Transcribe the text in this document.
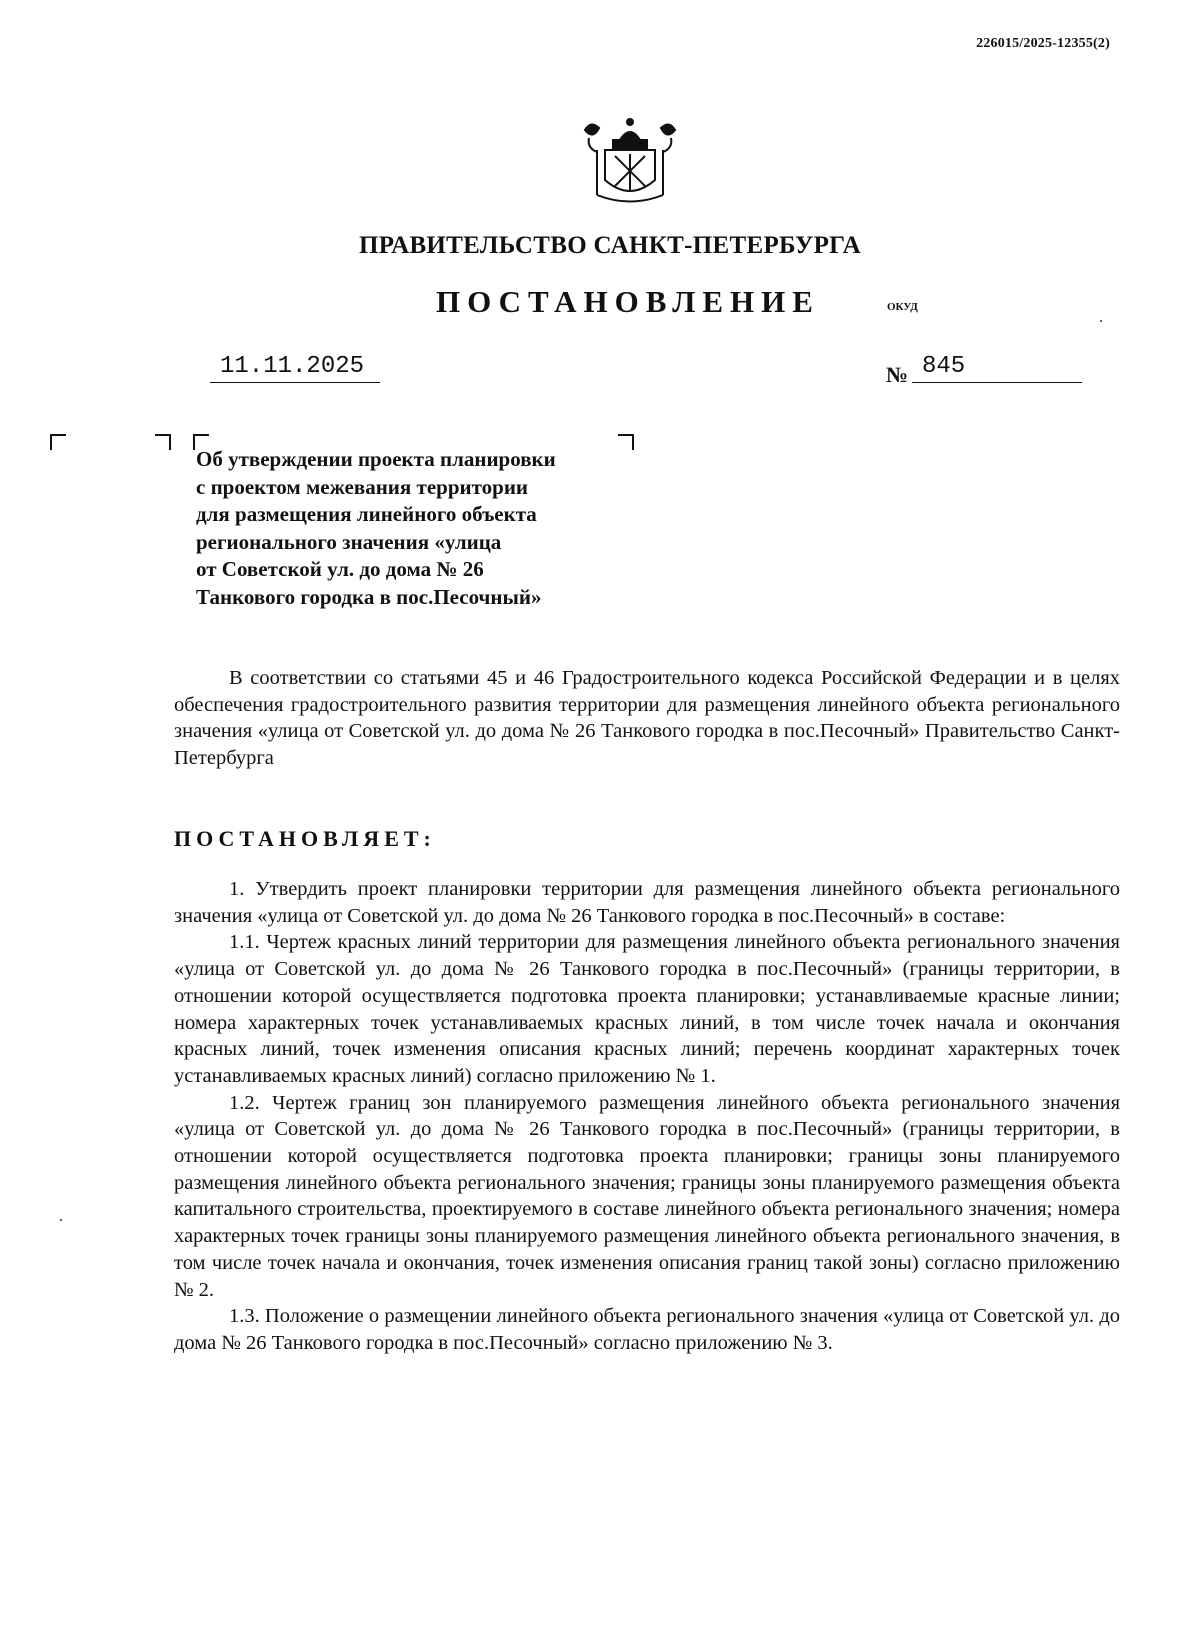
226015/2025-12355(2)
ПРАВИТЕЛЬСТВО САНКТ-ПЕТЕРБУРГА
ПОСТАНОВЛЕНИЕ	ОКУД
11.11.2025	№ 845
Об утверждении проекта планировки
с проектом межевания территории
для размещения линейного объекта
регионального значения «улица
от Советской ул. до дома № 26
Танкового городка в пос.Песочный»
В соответствии со статьями 45 и 46 Градостроительного кодекса Российской Федерации и в целях обеспечения градостроительного развития территории для размещения линейного объекта регионального значения «улица от Советской ул. до дома № 26 Танкового городка в пос.Песочный» Правительство Санкт-Петербурга
ПОСТАНОВЛЯЕТ:
1. Утвердить проект планировки территории для размещения линейного объекта регионального значения «улица от Советской ул. до дома № 26 Танкового городка в пос.Песочный» в составе:
1.1. Чертеж красных линий территории для размещения линейного объекта регионального значения «улица от Советской ул. до дома № 26 Танкового городка в пос.Песочный» (границы территории, в отношении которой осуществляется подготовка проекта планировки; устанавливаемые красные линии; номера характерных точек устанавливаемых красных линий, в том числе точек начала и окончания красных линий, точек изменения описания красных линий; перечень координат характерных точек устанавливаемых красных линий) согласно приложению № 1.
1.2. Чертеж границ зон планируемого размещения линейного объекта регионального значения «улица от Советской ул. до дома № 26 Танкового городка в пос.Песочный» (границы территории, в отношении которой осуществляется подготовка проекта планировки; границы зоны планируемого размещения линейного объекта регионального значения; границы зоны планируемого размещения объекта капитального строительства, проектируемого в составе линейного объекта регионального значения; номера характерных точек границы зоны планируемого размещения линейного объекта регионального значения, в том числе точек начала и окончания, точек изменения описания границ такой зоны) согласно приложению № 2.
1.3. Положение о размещении линейного объекта регионального значения «улица от Советской ул. до дома № 26 Танкового городка в пос.Песочный» согласно приложению № 3.
